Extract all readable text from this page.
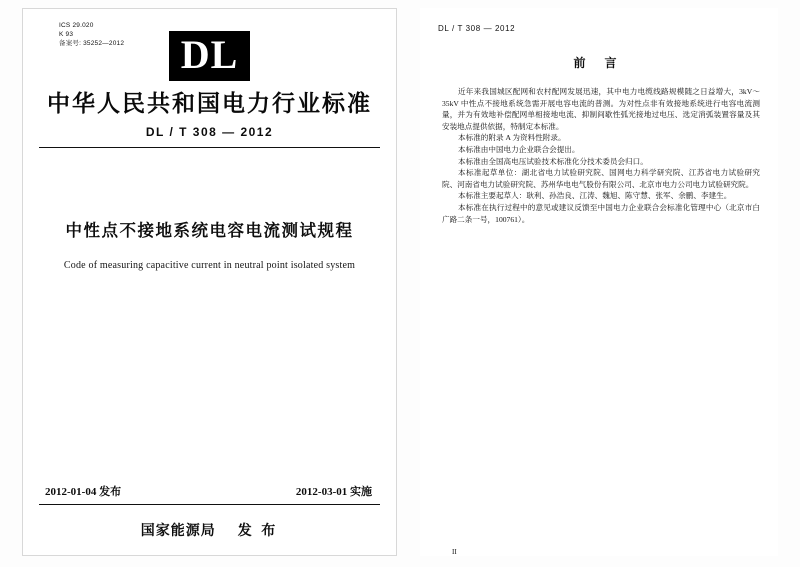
ICS 29.020
K 93
备案号: 35252—2012	DL
中华人民共和国电力行业标准
DL / T 308 — 2012
中性点不接地系统电容电流测试规程
Code of measuring capacitive current in neutral point isolated system
2012-01-04 发布	2012-03-01 实施
国家能源局 发 布
DL / T 308 — 2012
前 言

近年来我国城区配网和农村配网发展迅速，其中电力电缆线路规模随之日益增大，3kV～35kV 中性点不接地系统急需开展电容电流的普测。为对性点非有效接地系统进行电容电流测量，并为有效地补偿配网单相接地电流、抑制间歇性弧光接地过电压、选定消弧装置容量及其安装地点提供依据，特制定本标准。

本标准的附录 A 为资料性附录。

本标准由中国电力企业联合会提出。

本标准由全国高电压试验技术标准化分技术委员会归口。

本标准起草单位：湖北省电力试验研究院、国网电力科学研究院、江苏省电力试验研究院、河南省电力试验研究院、苏州华电电气股份有限公司、北京市电力公司电力试验研究院。

本标准主要起草人：耿利、孙浩良、江涛、魏旭、陈守慧、张军、余鹏、李建生。

本标准在执行过程中的意见或建议反馈至中国电力企业联合会标准化管理中心（北京市白广路二条一号，100761）。

II
